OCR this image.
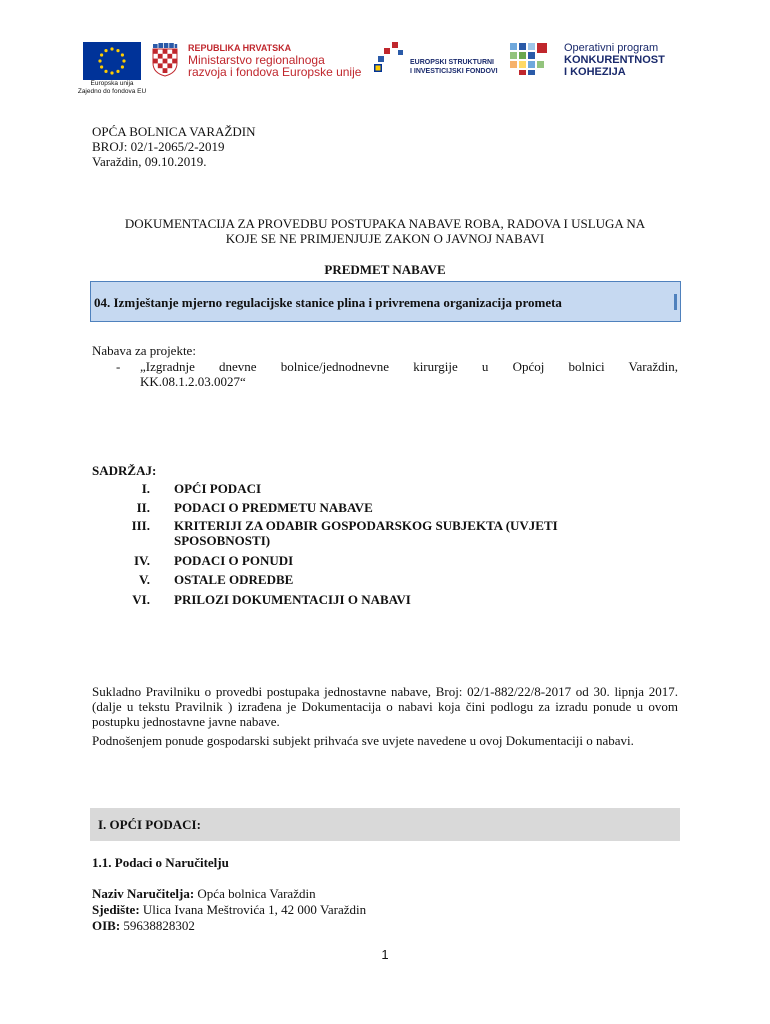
Europska unija
Zajedno do fondova EU
REPUBLIKA HRVATSKA
Ministarstvo regionalnoga
razvoja i fondova Europske unije
EUROPSKI STRUKTURNI
I INVESTICIJSKI FONDOVI
Operativni program
KONKURENTNOST
I KOHEZIJA
OPĆA BOLNICA VARAŽDIN
BROJ: 02/1-2065/2-2019
Varaždin, 09.10.2019.
DOKUMENTACIJA ZA PROVEDBU POSTUPAKA NABAVE ROBA, RADOVA I USLUGA NA
KOJE SE NE PRIMJENJUJE ZAKON O JAVNOJ NABAVI
PREDMET NABAVE
04. Izmještanje mjerno regulacijske stanice plina i privremena organizacija prometa
Nabava za projekte:
- „Izgradnje dnevne bolnice/jednodnevne kirurgije u Općoj bolnici Varaždin,
KK.08.1.2.03.0027“
SADRŽAJ:
I. OPĆI PODACI
II. PODACI O PREDMETU NABAVE
III. KRITERIJI ZA ODABIR GOSPODARSKOG SUBJEKTA (UVJETI SPOSOBNOSTI)
IV. PODACI O PONUDI
V. OSTALE ODREDBE
VI. PRILOZI DOKUMENTACIJI O NABAVI
Sukladno Pravilniku o provedbi postupaka jednostavne nabave, Broj: 02/1-882/22/8-2017 od 30. lipnja 2017. (dalje u tekstu Pravilnik ) izrađena je Dokumentacija o nabavi koja čini podlogu za izradu ponude u ovom postupku jednostavne javne nabave.
Podnošenjem ponude gospodarski subjekt prihvaća sve uvjete navedene u ovoj Dokumentaciji o nabavi.
I. OPĆI PODACI:
1.1. Podaci o Naručitelju
Naziv Naručitelja: Opća bolnica Varaždin
Sjedište: Ulica Ivana Meštrovića 1, 42 000 Varaždin
OIB: 59638828302
1
